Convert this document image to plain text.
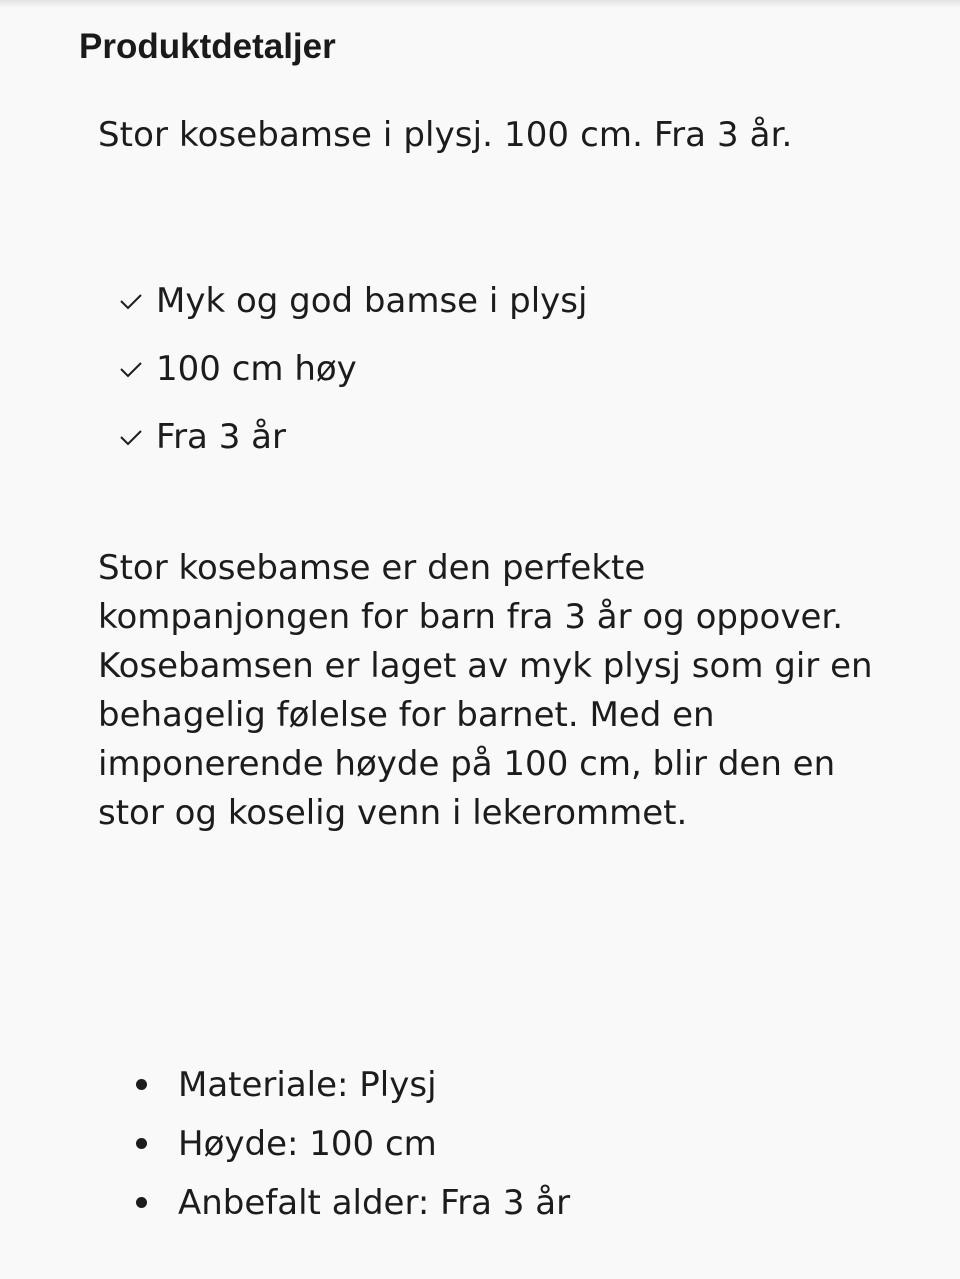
Produktdetaljer

Stor kosebamse i plysj. 100 cm. Fra 3 år.

Myk og god bamse i plysj
100 cm høy
Fra 3 år

Stor kosebamse er den perfekte kompanjongen for barn fra 3 år og oppover.

Kosebamsen er laget av myk plysj som gir en behagelig følelse for barnet. Med en imponerende høyde på 100 cm, blir den en stor og koselig venn i lekerommet.

Materiale: Plysj
Høyde: 100 cm
Anbefalt alder: Fra 3 år
